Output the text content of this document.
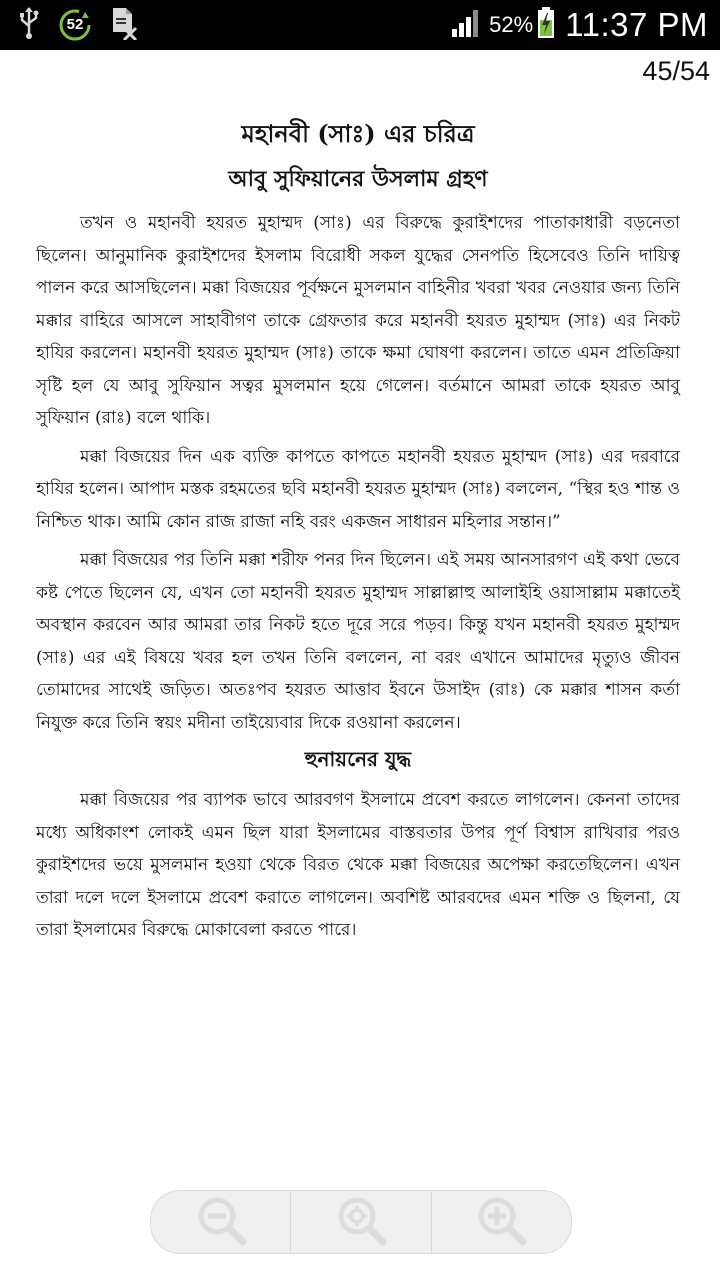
52	52% 11:37 PM
45/54
মহানবী (সাঃ) এর চরিত্র
আবু সুফিয়ানের উসলাম গ্রহণ

তখন ও মহানবী হযরত মুহাম্মদ (সাঃ) এর বিরুদ্ধে কুরাইশদের পাতাকাধারী বড়নেতা ছিলেন। আনুমানিক কুরাইশদের ইসলাম বিরোধী সকল যুদ্ধের সেনপতি হিসেবেও তিনি দায়িত্ব পালন করে আসছিলেন। মক্কা বিজয়ের পূর্বক্ষনে মুসলমান বাহিনীর খবরা খবর নেওয়ার জন্য তিনি মক্কার বাহিরে আসলে সাহাবীগণ তাকে গ্রেফতার করে মহানবী হযরত মুহাম্মদ (সাঃ) এর নিকট হাযির করলেন। মহানবী হযরত মুহাম্মদ (সাঃ) তাকে ক্ষমা ঘোষণা করলেন। তাতে এমন প্রতিক্রিয়া সৃষ্টি হল যে আবু সুফিয়ান সত্বর মুসলমান হয়ে গেলেন। বর্তমানে আমরা তাকে হযরত আবু সুফিয়ান (রাঃ) বলে থাকি।

মক্কা বিজয়ের দিন এক ব্যক্তি কাপতে কাপতে মহানবী হযরত মুহাম্মদ (সাঃ) এর দরবারে হাযির হলেন। আপাদ মস্তক রহমতের ছবি মহানবী হযরত মুহাম্মদ (সাঃ) বললেন, “স্থির হও শান্ত ও নিশ্চিত থাক। আমি কোন রাজ রাজা নহি বরং একজন সাধারন মহিলার সন্তান।”

মক্কা বিজয়ের পর তিনি মক্কা শরীফ পনর দিন ছিলেন। এই সময় আনসারগণ এই কথা ভেবে কষ্ট পেতে ছিলেন যে, এখন তো মহানবী হযরত মুহাম্মদ সাল্লাল্লাহু আলাইহি ওয়াসাল্লাম মক্কাতেই অবস্থান করবেন আর আমরা তার নিকট হতে দূরে সরে পড়ব। কিন্তু যখন মহানবী হযরত মুহাম্মদ (সাঃ) এর এই বিষয়ে খবর হল তখন তিনি বললেন, না বরং এখানে আমাদের মৃত্যুও জীবন তোমাদের সাথেই জড়িত। অতঃপব হযরত আত্তাব ইবনে উসাইদ (রাঃ) কে মক্কার শাসন কর্তা নিযুক্ত করে তিনি স্বয়ং মদীনা তাইয়্যেবার দিকে রওয়ানা করলেন।

হুনায়নের যুদ্ধ

মক্কা বিজয়ের পর ব্যাপক ভাবে আরবগণ ইসলামে প্রবেশ করতে লাগলেন। কেননা তাদের মধ্যে অধিকাংশ লোকই এমন ছিল যারা ইসলামের বাস্তবতার উপর পূর্ণ বিশ্বাস রাখিবার পরও কুরাইশদের ভয়ে মুসলমান হওয়া থেকে বিরত থেকে মক্কা বিজয়ের অপেক্ষা করতেছিলেন। এখন তারা দলে দলে ইসলামে প্রবেশ করাতে লাগলেন। অবশিষ্ট আরবদের এমন শক্তি ও ছিলনা, যে তারা ইসলামের বিরুদ্ধে মোকাবেলা করতে পারে।
